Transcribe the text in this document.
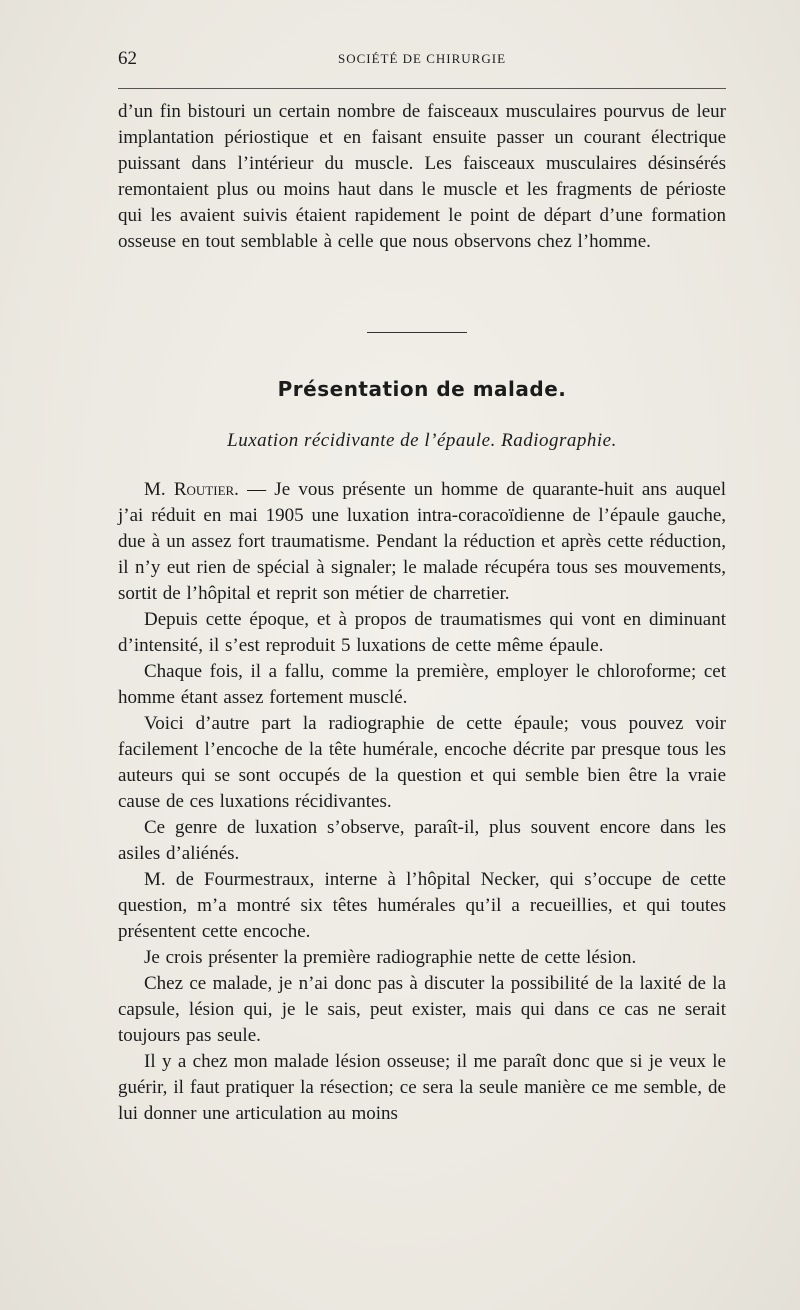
62	SOCIÉTÉ DE CHIRURGIE

d’un fin bistouri un certain nombre de faisceaux musculaires pourvus de leur implantation périostique et en faisant ensuite passer un courant électrique puissant dans l’intérieur du muscle. Les faisceaux musculaires désinsérés remontaient plus ou moins haut dans le muscle et les fragments de périoste qui les avaient suivis étaient rapidement le point de départ d’une formation osseuse en tout semblable à celle que nous observons chez l’homme.

Présentation de malade.
Luxation récidivante de l’épaule. Radiographie.

M. Routier. — Je vous présente un homme de quarante-huit ans auquel j’ai réduit en mai 1905 une luxation intra-coracoïdienne de l’épaule gauche, due à un assez fort traumatisme. Pendant la réduction et après cette réduction, il n’y eut rien de spécial à signaler; le malade récupéra tous ses mouvements, sortit de l’hôpital et reprit son métier de charretier.

Depuis cette époque, et à propos de traumatismes qui vont en diminuant d’intensité, il s’est reproduit 5 luxations de cette même épaule.

Chaque fois, il a fallu, comme la première, employer le chloroforme; cet homme étant assez fortement musclé.

Voici d’autre part la radiographie de cette épaule; vous pouvez voir facilement l’encoche de la tête humérale, encoche décrite par presque tous les auteurs qui se sont occupés de la question et qui semble bien être la vraie cause de ces luxations récidivantes.

Ce genre de luxation s’observe, paraît-il, plus souvent encore dans les asiles d’aliénés.

M. de Fourmestraux, interne à l’hôpital Necker, qui s’occupe de cette question, m’a montré six têtes humérales qu’il a recueillies, et qui toutes présentent cette encoche.

Je crois présenter la première radiographie nette de cette lésion.

Chez ce malade, je n’ai donc pas à discuter la possibilité de la laxité de la capsule, lésion qui, je le sais, peut exister, mais qui dans ce cas ne serait toujours pas seule.

Il y a chez mon malade lésion osseuse; il me paraît donc que si je veux le guérir, il faut pratiquer la résection; ce sera la seule manière ce me semble, de lui donner une articulation au moins
